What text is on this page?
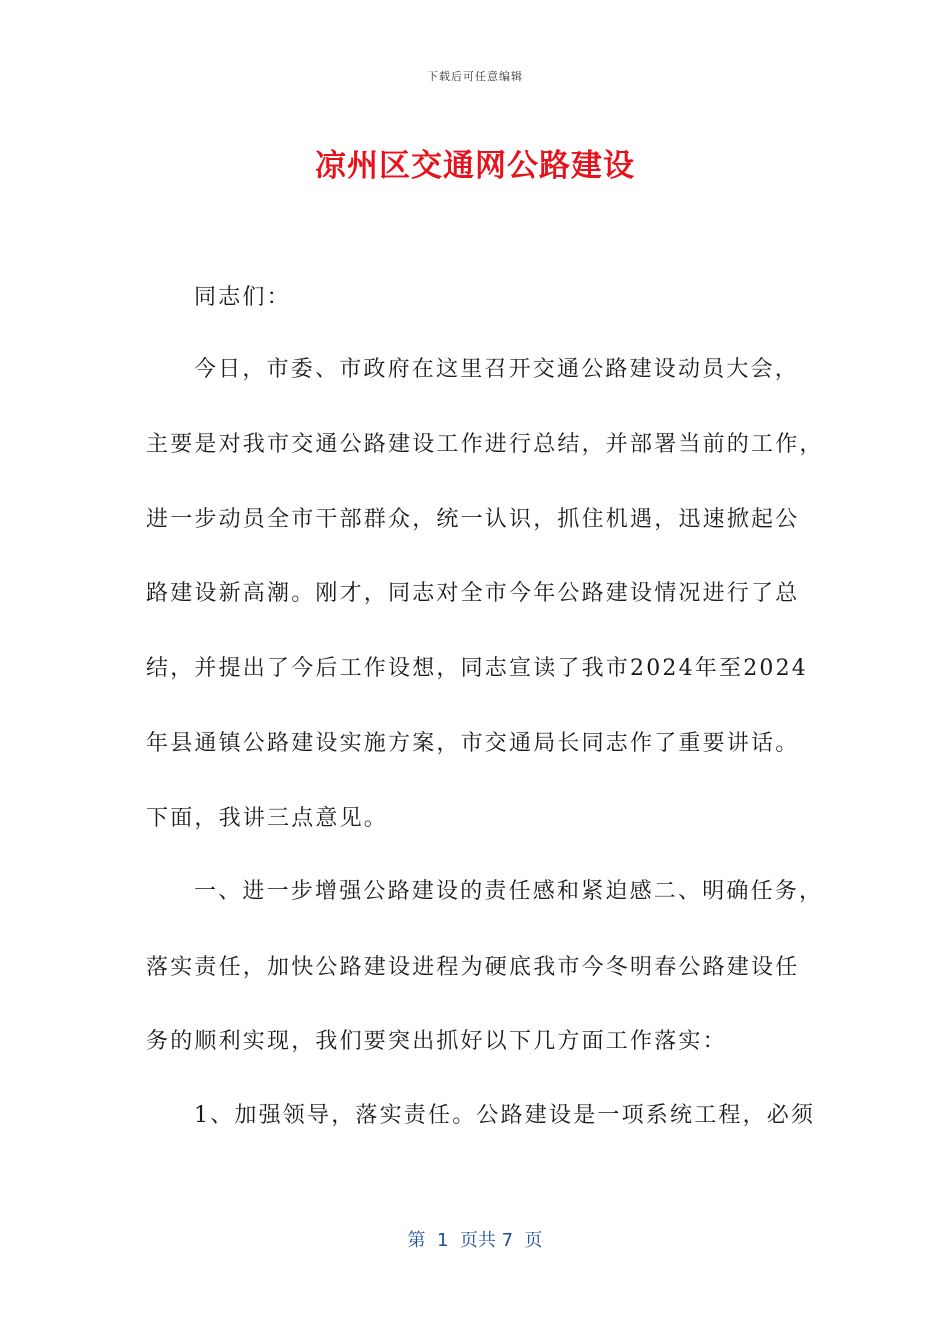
下载后可任意编辑
凉州区交通网公路建设
同志们：
今日，市委、市政府在这里召开交通公路建设动员大会，
主要是对我市交通公路建设工作进行总结，并部署当前的工作，
进一步动员全市干部群众，统一认识，抓住机遇，迅速掀起公
路建设新高潮。刚才，同志对全市今年公路建设情况进行了总
结，并提出了今后工作设想，同志宣读了我市2024年至2024
年县通镇公路建设实施方案，市交通局长同志作了重要讲话。
下面，我讲三点意见。
一、进一步增强公路建设的责任感和紧迫感二、明确任务，
落实责任，加快公路建设进程为硬底我市今冬明春公路建设任
务的顺利实现，我们要突出抓好以下几方面工作落实：
1、加强领导，落实责任。公路建设是一项系统工程，必须
第  1  页共 7  页
